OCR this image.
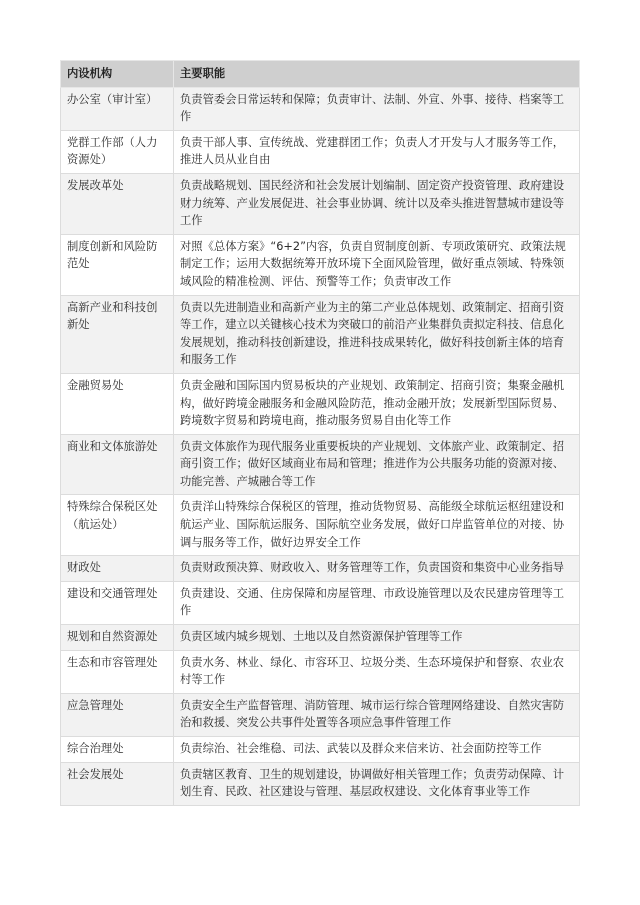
内设机构	主要职能
办公室（审计室）	负责管委会日常运转和保障；负责审计、法制、外宣、外事、接待、档案等工作
党群工作部（人力资源处）	负责干部人事、宣传统战、党建群团工作；负责人才开发与人才服务等工作，推进人员从业自由
发展改革处	负责战略规划、国民经济和社会发展计划编制、固定资产投资管理、政府建设财力统筹、产业发展促进、社会事业协调、统计以及牵头推进智慧城市建设等工作
制度创新和风险防范处	对照《总体方案》“6+2”内容，负责自贸制度创新、专项政策研究、政策法规制定工作；运用大数据统筹开放环境下全面风险管理，做好重点领域、特殊领域风险的精准检测、评估、预警等工作；负责审改工作
高新产业和科技创新处	负责以先进制造业和高新产业为主的第二产业总体规划、政策制定、招商引资等工作，建立以关键核心技术为突破口的前沿产业集群负责拟定科技、信息化发展规划，推动科技创新建设，推进科技成果转化，做好科技创新主体的培育和服务工作
金融贸易处	负责金融和国际国内贸易板块的产业规划、政策制定、招商引资；集聚金融机构，做好跨境金融服务和金融风险防范，推动金融开放；发展新型国际贸易、跨境数字贸易和跨境电商，推动服务贸易自由化等工作
商业和文体旅游处	负责文体旅作为现代服务业重要板块的产业规划、文体旅产业、政策制定、招商引资工作；做好区域商业布局和管理；推进作为公共服务功能的资源对接、功能完善、产城融合等工作
特殊综合保税区处（航运处）	负责洋山特殊综合保税区的管理，推动货物贸易、高能级全球航运枢纽建设和航运产业、国际航运服务、国际航空业务发展，做好口岸监管单位的对接、协调与服务等工作，做好边界安全工作
财政处	负责财政预决算、财政收入、财务管理等工作，负责国资和集资中心业务指导
建设和交通管理处	负责建设、交通、住房保障和房屋管理、市政设施管理以及农民建房管理等工作
规划和自然资源处	负责区域内城乡规划、土地以及自然资源保护管理等工作
生态和市容管理处	负责水务、林业、绿化、市容环卫、垃圾分类、生态环境保护和督察、农业农村等工作
应急管理处	负责安全生产监督管理、消防管理、城市运行综合管理网络建设、自然灾害防治和救援、突发公共事件处置等各项应急事件管理工作
综合治理处	负责综治、社会维稳、司法、武装以及群众来信来访、社会面防控等工作
社会发展处	负责辖区教育、卫生的规划建设，协调做好相关管理工作；负责劳动保障、计划生育、民政、社区建设与管理、基层政权建设、文化体育事业等工作
